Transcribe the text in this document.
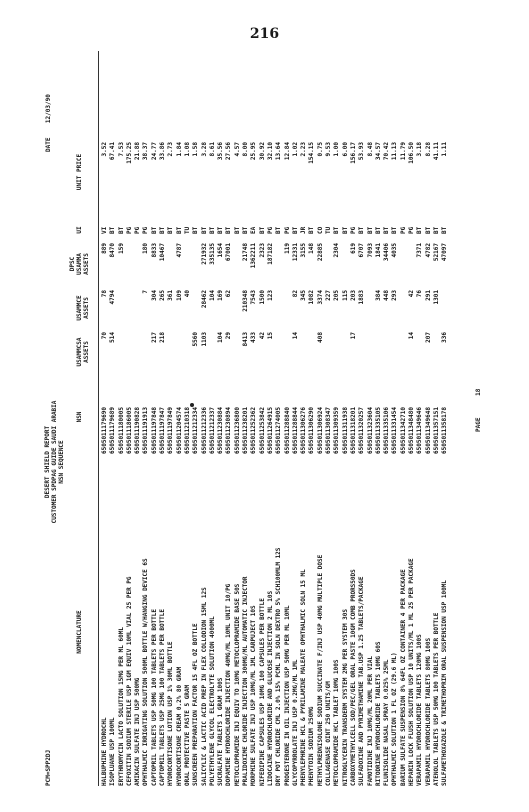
216
PCM=SPP2DJ
DESERT SHIELD REPORT CUSTOMER SPDPAG GUIDE SAUDI ARABIA NSN SEQUENCE
DATE    12/03/90
NOMENCLATURE
NSN
USAMMCSA ASSETS
USAMMCE ASSETS
DPSC USAMMA ASSETS
UI
UNIT PRICE
HALBUPHINE HYDROCHL
6505011179690
70
78
889
VI
3.52
ISOPLUANE USP 100ML
6505011179689
514
4794
8470
BT
67.41
ERYTHROMYCIN LACTO SOLUTION 15MG PER ML 60ML
6505011180005
159
BT
7.53
CEFOXITIN SODIUM STERILE USP 1GM EQUIV 10ML VIAL 25 PER PG
6505011186005
PG
175.25
AMIKACIN SULFATE INJ USP 500MG
6505011190828
PG
21.88
OPHTHALMIC IRRIGATING SOLUTION 500ML BOTTLE W/HANGING DEVICE 6S
6505011191913
7
180
PG
38.37
CAPTOPRIL TABLETS USP 50MG 100 TABLETS PER BOTTLE
6505011197848
217
304
8833
BT
24.77
CAPTOPRIL TABLETS USP 25MG 100 TABLETS PER BOTTLE
6505011197847
218
265
10467
BT
33.86
HYDROCORTISONE LOTION USP 1% 30ML BOTTLE
6505011197849
361
BT
2.73
HYDROCORTISONE CREAM 0.2% 80 GRAM
6505011204574
109
4787
BT
1.84
ORAL PROTECTIVE PASTE 5 GRAM
6505011210318
40
TU
1.08
SUNSCREEN PREPARATION FACTOR 15 4FL OZ BOTTLE
6505011212334
5560
BT
1.58
SALICYLIC & LACTIC ACID PREP IN FLEX COLLODION 15ML 12S
6505011212336
1103
28462
271932
BT
3.28
POLYETHYLENE GLYCOL ELECTROLYTE SOLUTION 4000ML
6505011212337
104
335135
BT
8.61
SUCRALFATE TABLETS 1 GRAM 100S
6505011230884
104
169
1654
BT
35.56
DOPAMINE HYDROCHLORIDE INJECTION 40MG/ML 10ML UNIT 10/PG
6505011230894
29
62
67001
BT
27.56
METOCLOPRAMIDE INJ EQUIV TO 10MG METOCLOPRAMIDE BASE 50S
6505011236800
BT
4.57
PRALIDOXIME CHLORIDE INJECTION 300MG/ML AUTOMATIC INJECTOR
6505011238201
8413
210348
21748
BT
8.00
MORPHINE SULFATE INJ USP 10MG/ML 1ML CARPUJECT 10S
6505011252362
433
7543
1362211
EA
25.95
NIFEDIPINE CAPSULES USP 10MG 100 CAPSULES PER BOTTLE
6505011253842
42
1500
2323
BT
30.92
LIDOCAINE HYDROCHLORIDE AND GLUCOSE INJECTION 2 ML 10S
6505011264915
15
123
187182
PG
32.10
DRY POT CHLORIDE CML 2.0% 15% PCML IN SOLN DEXTRO 5% SCH100MLM 12S
6505011274005
BT
13.64
PROGESTERONE IN OIL INJECTION USP 50MG PER ML 10ML
6505011288840
119
PG
12.84
GLYCOPYRROLATE INJ USP 0.2MG/ML 1ML
6505011288844
14
82
12331
BT
1.02
PHENYLEPHRINE HCL & PYRILAMINE MALEATE OPHTHALMIC SOLN 15 ML
6505011306276
345
3155
JR
2.23
PHENYTOIN SODIUM 250MG
6505011306290
1082
148
BT
154.15
METHYLPREDNISOLONE SODIUM SUCCINATE F/INJ USP 40MG MULTIPLE DOSE
6505011306924
408
3374
22885
CO
0.75
COLLAGENASE OINT 250 UNITS/GM
6505011308347
227
TU
9.53
METOCLOPRAMIDE HCL TABLET 10MG 100S
6505011309359
205
2304
BT
1.00
NITROGLYCERIN TRANSDERM SYSTEM 2MG PER SYSTEM 30S
6505011311938
115
BT
6.00
CARBOXYMETHYLCELL SOD/PEC/GEL ORAL PASTE 10GM COMB PRORS50DS
6505011318201
17
203
619
PG
156.17
SULFADOXINE AND PYRIMETHAMINE TAB.USP 1.25 TABLETS/PACKAGE
6505011320257
1883
6707
BT
53.93
FAMOTIDINE INJ 10MG/ML 20ML PER VIAL
6505011323604
7093
BT
8.48
RITODRINE HYDROCHLORIDE TABLETS 10MG 60S
6505011335105
384
1841
BT
34.57
FLUNISOLIDE NASAL SPRAY 0.025% 25ML
6505011335106
448
34406
BT
70.42
OPHTHALMIC SOLUTION 1 FL OZ (29.6 ML)
6505011331454
293
4035
BT
11.13
BARIUM SULFATE SUSPENSION 8% 64FL OZ CONTAINER 4 PER PACKAGE
6505011342710
PG
11.79
HEPARIN LOCK FLUSH SOLUTION USP 10 UNITS/ML 1 ML 25 PER PACKAGE
6505011348480
14
42
PG
106.50
VERAPAMIL HYDROCHLORIDE TABLETS 120MG 100S
6505011349646
76
7371
BT
3.18
VERAPAMIL HYDROCHLORIDE TABLETS 80MG 100S
6505011349648
207
291
4782
BT
8.28
ATENOLOL TABLETS USP 50MG 100 TABLETS PER BOTTLE
6505011357151
1301
52167
BT
41.11
SULFAMETHOXAZOLE & TRIMETHOPRIM ORAL SUSPENSION USP 100ML
6505011358178
336
47097
BT
1.11
PAGE      18
